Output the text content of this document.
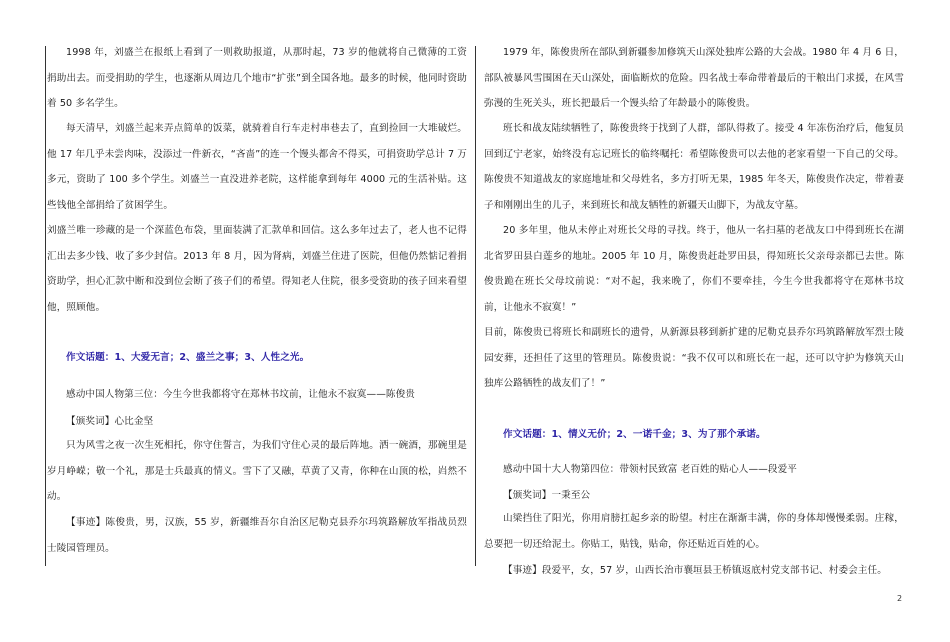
1998 年，刘盛兰在报纸上看到了一则救助报道，从那时起，73 岁的他就将自己微薄的工资捐助出去。而受捐助的学生，也逐渐从周边几个地市“扩张”到全国各地。最多的时候，他同时资助着 50 多名学生。

每天清早，刘盛兰起来弄点简单的饭菜，就骑着自行车走村串巷去了，直到捡回一大堆破烂。他 17 年几乎未尝肉味，没添过一件新衣，“吝啬”的连一个馒头都舍不得买，可捐资助学总计 7 万多元，资助了 100 多个学生。刘盛兰一直没进养老院，这样能拿到每年 4000 元的生活补贴。这些钱他全部捐给了贫困学生。

刘盛兰唯一珍藏的是一个深蓝色布袋，里面装满了汇款单和回信。这么多年过去了，老人也不记得汇出去多少钱、收了多少封信。2013 年 8 月，因为肾病，刘盛兰住进了医院，但他仍然惦记着捐资助学，担心汇款中断和没到位会断了孩子们的希望。得知老人住院，很多受资助的孩子回来看望他，照顾他。

作文话题：1、大爱无言；2、盛兰之事；3、人性之光。

感动中国人物第三位：今生今世我都将守在郑林书坟前，让他永不寂寞——陈俊贵

【颁奖词】心比金坚

只为风雪之夜一次生死相托，你守住誓言，为我们守住心灵的最后阵地。洒一碗酒，那碗里是岁月峥嵘；敬一个礼，那是士兵最真的情义。雪下了又融，草黄了又青，你种在山顶的松，岿然不动。

【事迹】陈俊贵，男，汉族，55 岁，新疆维吾尔自治区尼勒克县乔尔玛筑路解放军指战员烈士陵园管理员。

1979 年，陈俊贵所在部队到新疆参加修筑天山深处独库公路的大会战。1980 年 4 月 6 日，部队被暴风雪围困在天山深处，面临断炊的危险。四名战士奉命带着最后的干粮出门求援，在风雪弥漫的生死关头，班长把最后一个馒头给了年龄最小的陈俊贵。

班长和战友陆续牺牲了，陈俊贵终于找到了人群，部队得救了。接受 4 年冻伤治疗后，他复员回到辽宁老家，始终没有忘记班长的临终嘱托：希望陈俊贵可以去他的老家看望一下自己的父母。陈俊贵不知道战友的家庭地址和父母姓名，多方打听无果，1985 年冬天，陈俊贵作决定，带着妻子和刚刚出生的儿子，来到班长和战友牺牲的新疆天山脚下，为战友守墓。

20 多年里，他从未停止对班长父母的寻找。终于，他从一名扫墓的老战友口中得到班长在湖北省罗田县白莲乡的地址。2005 年 10 月，陈俊贵赶赴罗田县，得知班长父亲母亲都已去世。陈俊贵跪在班长父母坟前说：“对不起，我来晚了，你们不要牵挂，今生今世我都将守在郑林书坟前，让他永不寂寞！”

目前，陈俊贵已将班长和副班长的遗骨，从新源县移到新扩建的尼勒克县乔尔玛筑路解放军烈士陵园安葬，还担任了这里的管理员。陈俊贵说：“我不仅可以和班长在一起，还可以守护为修筑天山独库公路牺牲的战友们了！”

作文话题：1、情义无价；2、一诺千金；3、为了那个承诺。

感动中国十大人物第四位：带领村民致富 老百姓的贴心人——段爱平

【颁奖词】一秉至公

山梁挡住了阳光，你用肩膀扛起乡亲的盼望。村庄在渐渐丰满，你的身体却慢慢柔弱。庄稼，总要把一切还给泥土。你贴工，贴钱，贴命，你还贴近百姓的心。

【事迹】段爱平，女，57 岁，山西长治市襄垣县王桥镇返底村党支部书记、村委会主任。

2
